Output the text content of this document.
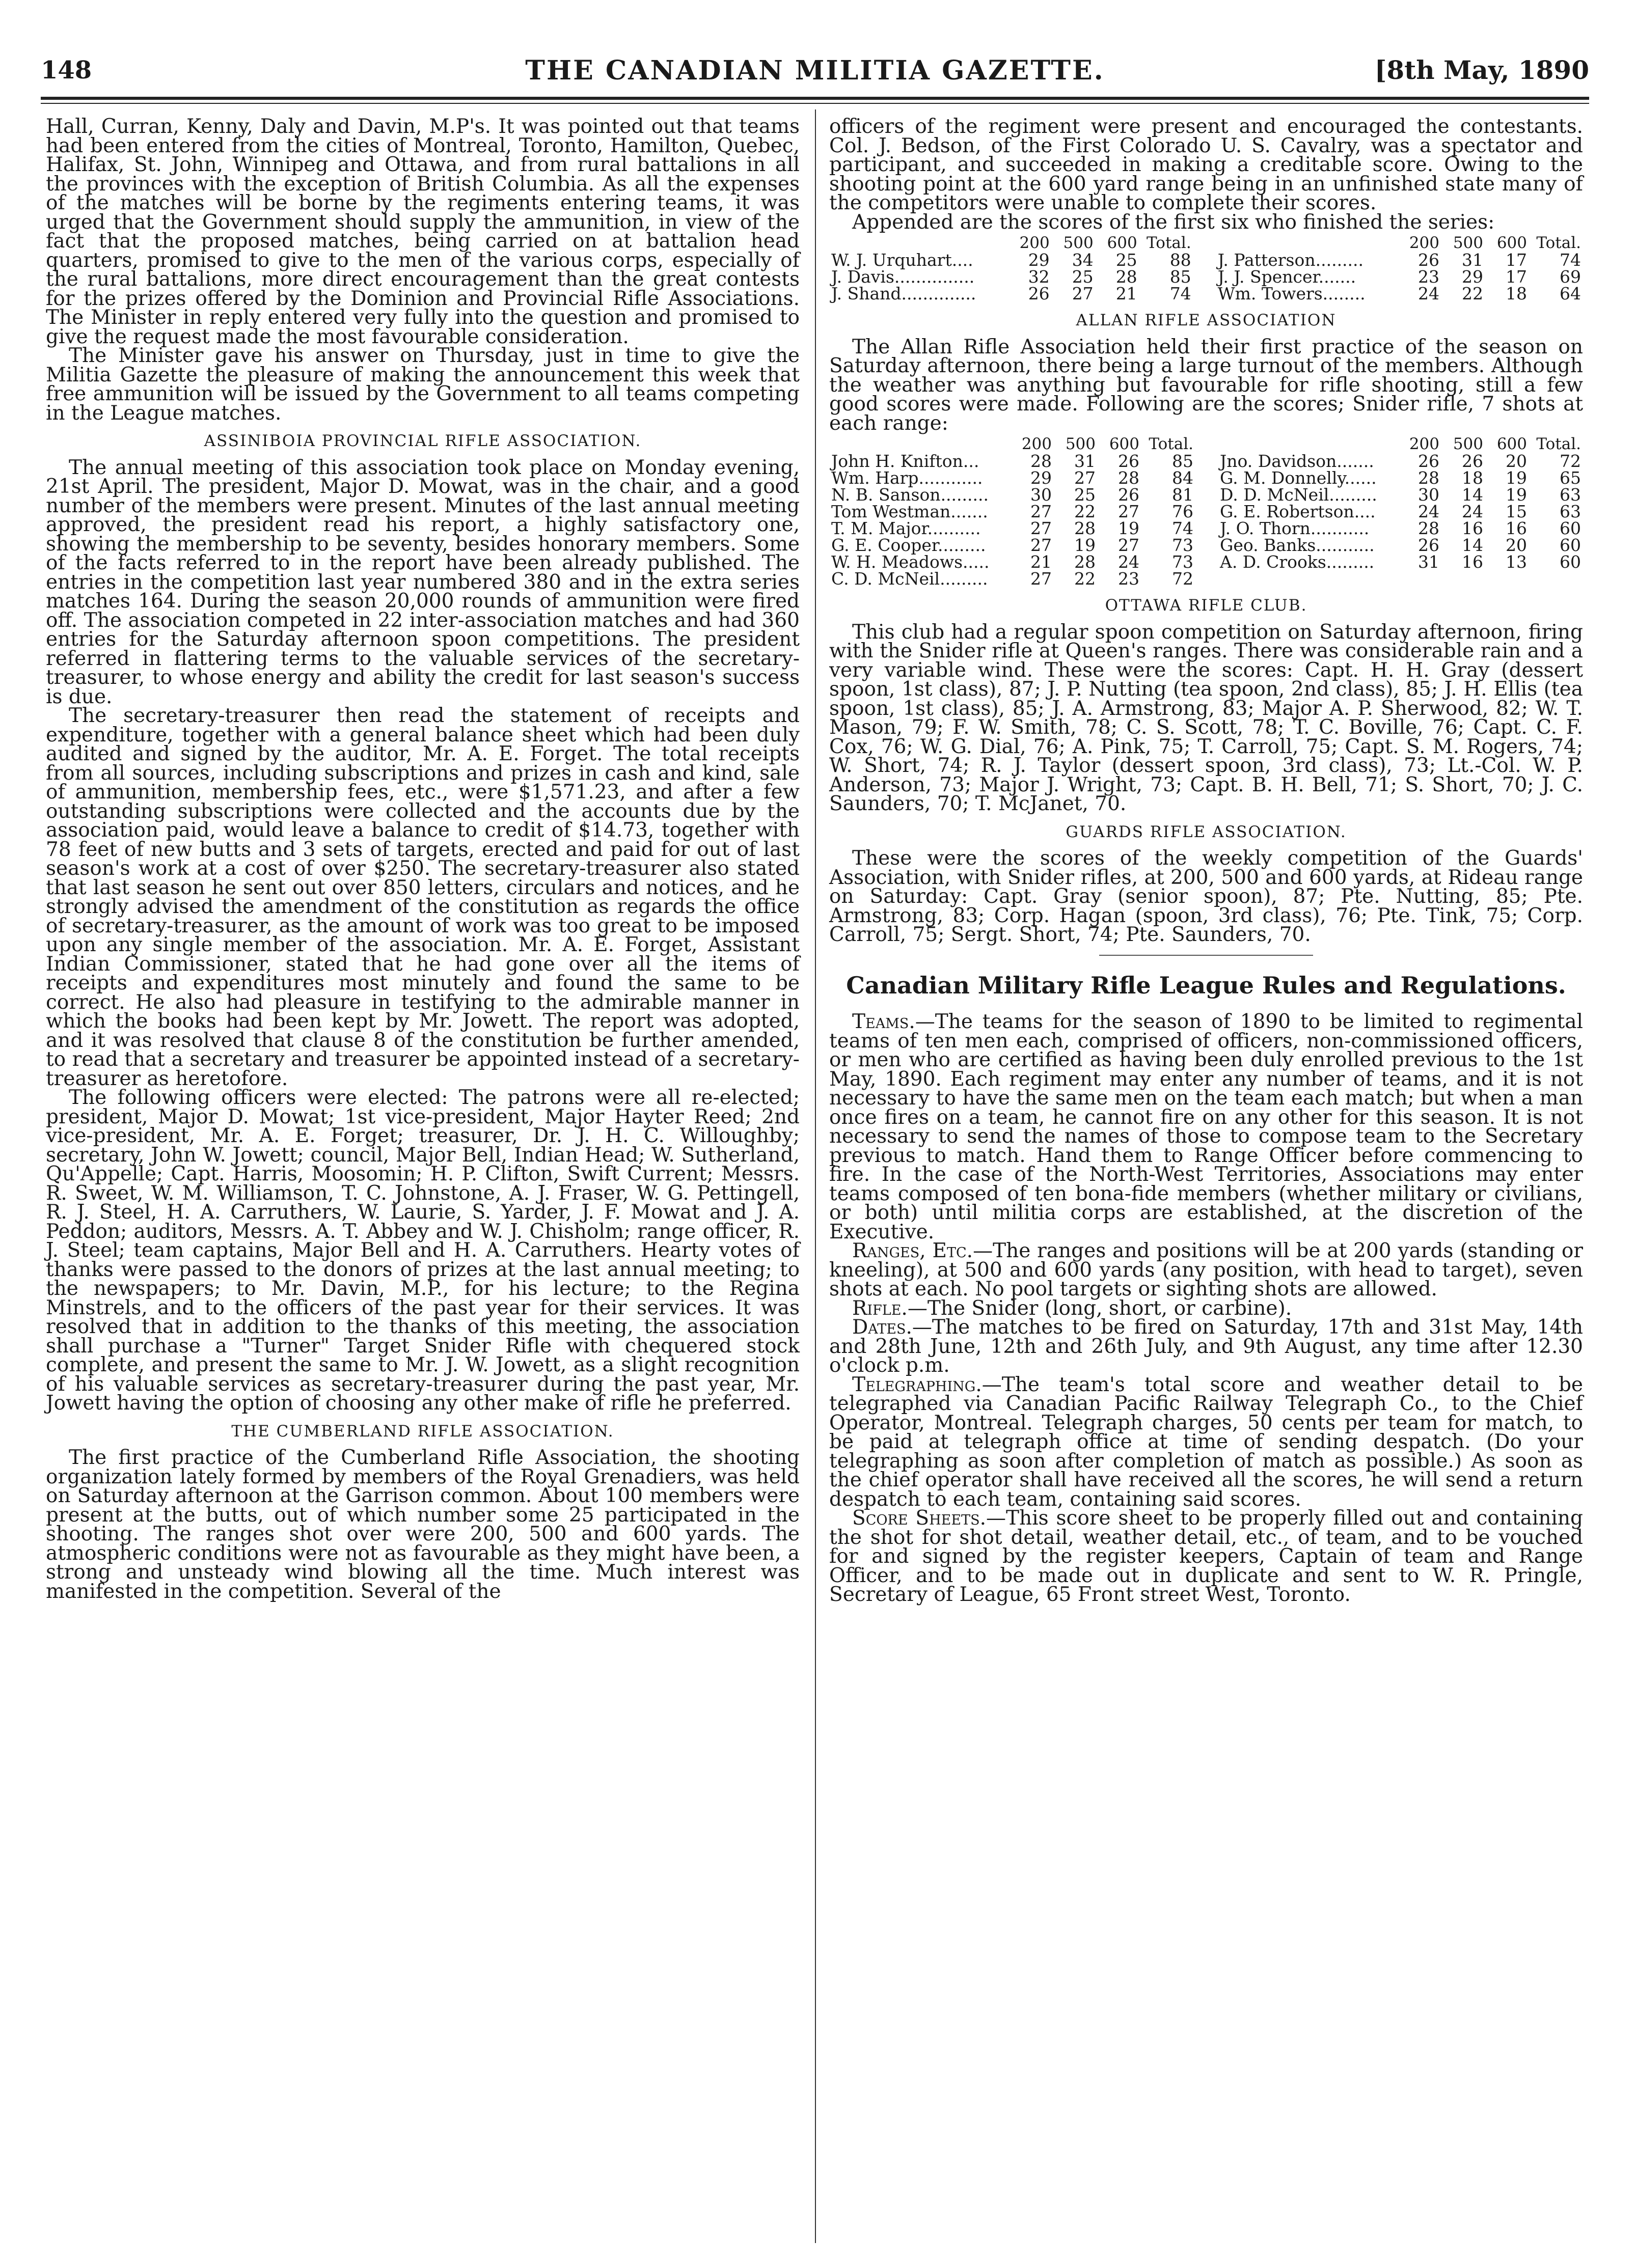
148	THE CANADIAN MILITIA GAZETTE.	[8th May, 1890

Hall, Curran, Kenny, Daly and Davin, M.P's. It was pointed out that teams had been entered from the cities of Montreal, Toronto, Hamilton, Quebec, Halifax, St. John, Winnipeg and Ottawa, and from rural battalions in all the provinces with the exception of British Columbia. As all the expenses of the matches will be borne by the regiments entering teams, it was urged that the Government should supply the ammunition, in view of the fact that the proposed matches, being carried on at battalion head quarters, promised to give to the men of the various corps, especially of the rural battalions, more direct encouragement than the great contests for the prizes offered by the Dominion and Provincial Rifle Associations. The Minister in reply entered very fully into the question and promised to give the request made the most favourable consideration.

The Minister gave his answer on Thursday, just in time to give the Militia Gazette the pleasure of making the announcement this week that free ammunition will be issued by the Government to all teams competing in the League matches.

ASSINIBOIA PROVINCIAL RIFLE ASSOCIATION.

The annual meeting of this association took place on Monday evening, 21st April. The president, Major D. Mowat, was in the chair, and a good number of the members were present. Minutes of the last annual meeting approved, the president read his report, a highly satisfactory one, showing the membership to be seventy, besides honorary members. Some of the facts referred to in the report have been already published. The entries in the competition last year numbered 380 and in the extra series matches 164. During the season 20,000 rounds of ammunition were fired off. The association competed in 22 inter-association matches and had 360 entries for the Saturday afternoon spoon competitions. The president referred in flattering terms to the valuable services of the secretary-treasurer, to whose energy and ability the credit for last season's success is due.

The secretary-treasurer then read the statement of receipts and expenditure, together with a general balance sheet which had been duly audited and signed by the auditor, Mr. A. E. Forget. The total receipts from all sources, including subscriptions and prizes in cash and kind, sale of ammunition, membership fees, etc., were $1,571.23, and after a few outstanding subscriptions were collected and the accounts due by the association paid, would leave a balance to credit of $14.73, together with 78 feet of new butts and 3 sets of targets, erected and paid for out of last season's work at a cost of over $250. The secretary-treasurer also stated that last season he sent out over 850 letters, circulars and notices, and he strongly advised the amendment of the constitution as regards the office of secretary-treasurer, as the amount of work was too great to be imposed upon any single member of the association. Mr. A. E. Forget, Assistant Indian Commissioner, stated that he had gone over all the items of receipts and expenditures most minutely and found the same to be correct. He also had pleasure in testifying to the admirable manner in which the books had been kept by Mr. Jowett. The report was adopted, and it was resolved that clause 8 of the constitution be further amended, to read that a secretary and treasurer be appointed instead of a secretary-treasurer as heretofore.

The following officers were elected: The patrons were all re-elected; president, Major D. Mowat; 1st vice-president, Major Hayter Reed; 2nd vice-president, Mr. A. E. Forget; treasurer, Dr. J. H. C. Willoughby; secretary, John W. Jowett; council, Major Bell, Indian Head; W. Sutherland, Qu'Appelle; Capt. Harris, Moosomin; H. P. Clifton, Swift Current; Messrs. R. Sweet, W. M. Williamson, T. C. Johnstone, A. J. Fraser, W. G. Pettingell, R. J. Steel, H. A. Carruthers, W. Laurie, S. Yarder, J. F. Mowat and J. A. Peddon; auditors, Messrs. A. T. Abbey and W. J. Chisholm; range officer, R. J. Steel; team captains, Major Bell and H. A. Carruthers. Hearty votes of thanks were passed to the donors of prizes at the last annual meeting; to the newspapers; to Mr. Davin, M.P., for his lecture; to the Regina Minstrels, and to the officers of the past year for their services. It was resolved that in addition to the thanks of this meeting, the association shall purchase a "Turner" Target Snider Rifle with chequered stock complete, and present the same to Mr. J. W. Jowett, as a slight recognition of his valuable services as secretary-treasurer during the past year, Mr. Jowett having the option of choosing any other make of rifle he preferred.

THE CUMBERLAND RIFLE ASSOCIATION.

The first practice of the Cumberland Rifle Association, the shooting organization lately formed by members of the Royal Grenadiers, was held on Saturday afternoon at the Garrison common. About 100 members were present at the butts, out of which number some 25 participated in the shooting. The ranges shot over were 200, 500 and 600 yards. The atmospheric conditions were not as favourable as they might have been, a strong and unsteady wind blowing all the time. Much interest was manifested in the competition. Several of the

officers of the regiment were present and encouraged the contestants. Col. J. Bedson, of the First Colorado U. S. Cavalry, was a spectator and participant, and succeeded in making a creditable score. Owing to the shooting point at the 600 yard range being in an unfinished state many of the competitors were unable to complete their scores.

Appended are the scores of the first six who finished the series:

	200	500	600	Total.			200	500	600	Total.
W. J. Urquhart....	29	34	25	88		J. Patterson.........	26	31	17	74
J. Davis...............	32	25	28	85		J. J. Spencer.......	23	29	17	69
J. Shand..............	26	27	21	74		Wm. Towers........	24	22	18	64
ALLAN RIFLE ASSOCIATION

The Allan Rifle Association held their first practice of the season on Saturday afternoon, there being a large turnout of the members. Although the weather was anything but favourable for rifle shooting, still a few good scores were made. Following are the scores; Snider rifle, 7 shots at each range:

	200	500	600	Total.			200	500	600	Total.
John H. Knifton...	28	31	26	85		Jno. Davidson.......	26	26	20	72
Wm. Harp............	29	27	28	84		G. M. Donnelly......	28	18	19	65
N. B. Sanson.........	30	25	26	81		D. D. McNeil.........	30	14	19	63
Tom Westman.......	27	22	27	76		G. E. Robertson....	24	24	15	63
T. M. Major..........	27	28	19	74		J. O. Thorn...........	28	16	16	60
G. E. Cooper.........	27	19	27	73		Geo. Banks...........	26	14	20	60
W. H. Meadows.....	21	28	24	73		A. D. Crooks.........	31	16	13	60
C. D. McNeil.........	27	22	23	72						
OTTAWA RIFLE CLUB.

This club had a regular spoon competition on Saturday afternoon, firing with the Snider rifle at Queen's ranges. There was considerable rain and a very variable wind. These were the scores: Capt. H. H. Gray (dessert spoon, 1st class), 87; J. P. Nutting (tea spoon, 2nd class), 85; J. H. Ellis (tea spoon, 1st class), 85; J. A. Armstrong, 83; Major A. P. Sherwood, 82; W. T. Mason, 79; F. W. Smith, 78; C. S. Scott, 78; T. C. Boville, 76; Capt. C. F. Cox, 76; W. G. Dial, 76; A. Pink, 75; T. Carroll, 75; Capt. S. M. Rogers, 74; W. Short, 74; R. J. Taylor (dessert spoon, 3rd class), 73; Lt.-Col. W. P. Anderson, 73; Major J. Wright, 73; Capt. B. H. Bell, 71; S. Short, 70; J. C. Saunders, 70; T. McJanet, 70.

GUARDS RIFLE ASSOCIATION.

These were the scores of the weekly competition of the Guards' Association, with Snider rifles, at 200, 500 and 600 yards, at Rideau range on Saturday: Capt. Gray (senior spoon), 87; Pte. Nutting, 85; Pte. Armstrong, 83; Corp. Hagan (spoon, 3rd class), 76; Pte. Tink, 75; Corp. Carroll, 75; Sergt. Short, 74; Pte. Saunders, 70.

Canadian Military Rifle League Rules and Regulations.

Teams.—The teams for the season of 1890 to be limited to regimental teams of ten men each, comprised of officers, non-commissioned officers, or men who are certified as having been duly enrolled previous to the 1st May, 1890. Each regiment may enter any number of teams, and it is not necessary to have the same men on the team each match; but when a man once fires on a team, he cannot fire on any other for this season. It is not necessary to send the names of those to compose team to the Secretary previous to match. Hand them to Range Officer before commencing to fire. In the case of the North-West Territories, Associations may enter teams composed of ten bona-fide members (whether military or civilians, or both) until militia corps are established, at the discretion of the Executive.

Ranges, Etc.—The ranges and positions will be at 200 yards (standing or kneeling), at 500 and 600 yards (any position, with head to target), seven shots at each. No pool targets or sighting shots are allowed.

Rifle.—The Snider (long, short, or carbine).

Dates.—The matches to be fired on Saturday, 17th and 31st May, 14th and 28th June, 12th and 26th July, and 9th August, any time after 12.30 o'clock p.m.

Telegraphing.—The team's total score and weather detail to be telegraphed via Canadian Pacific Railway Telegraph Co., to the Chief Operator, Montreal. Telegraph charges, 50 cents per team for match, to be paid at telegraph office at time of sending despatch. (Do your telegraphing as soon after completion of match as possible.) As soon as the chief operator shall have received all the scores, he will send a return despatch to each team, containing said scores.

Score Sheets.—This score sheet to be properly filled out and containing the shot for shot detail, weather detail, etc., of team, and to be vouched for and signed by the register keepers, Captain of team and Range Officer, and to be made out in duplicate and sent to W. R. Pringle, Secretary of League, 65 Front street West, Toronto.
